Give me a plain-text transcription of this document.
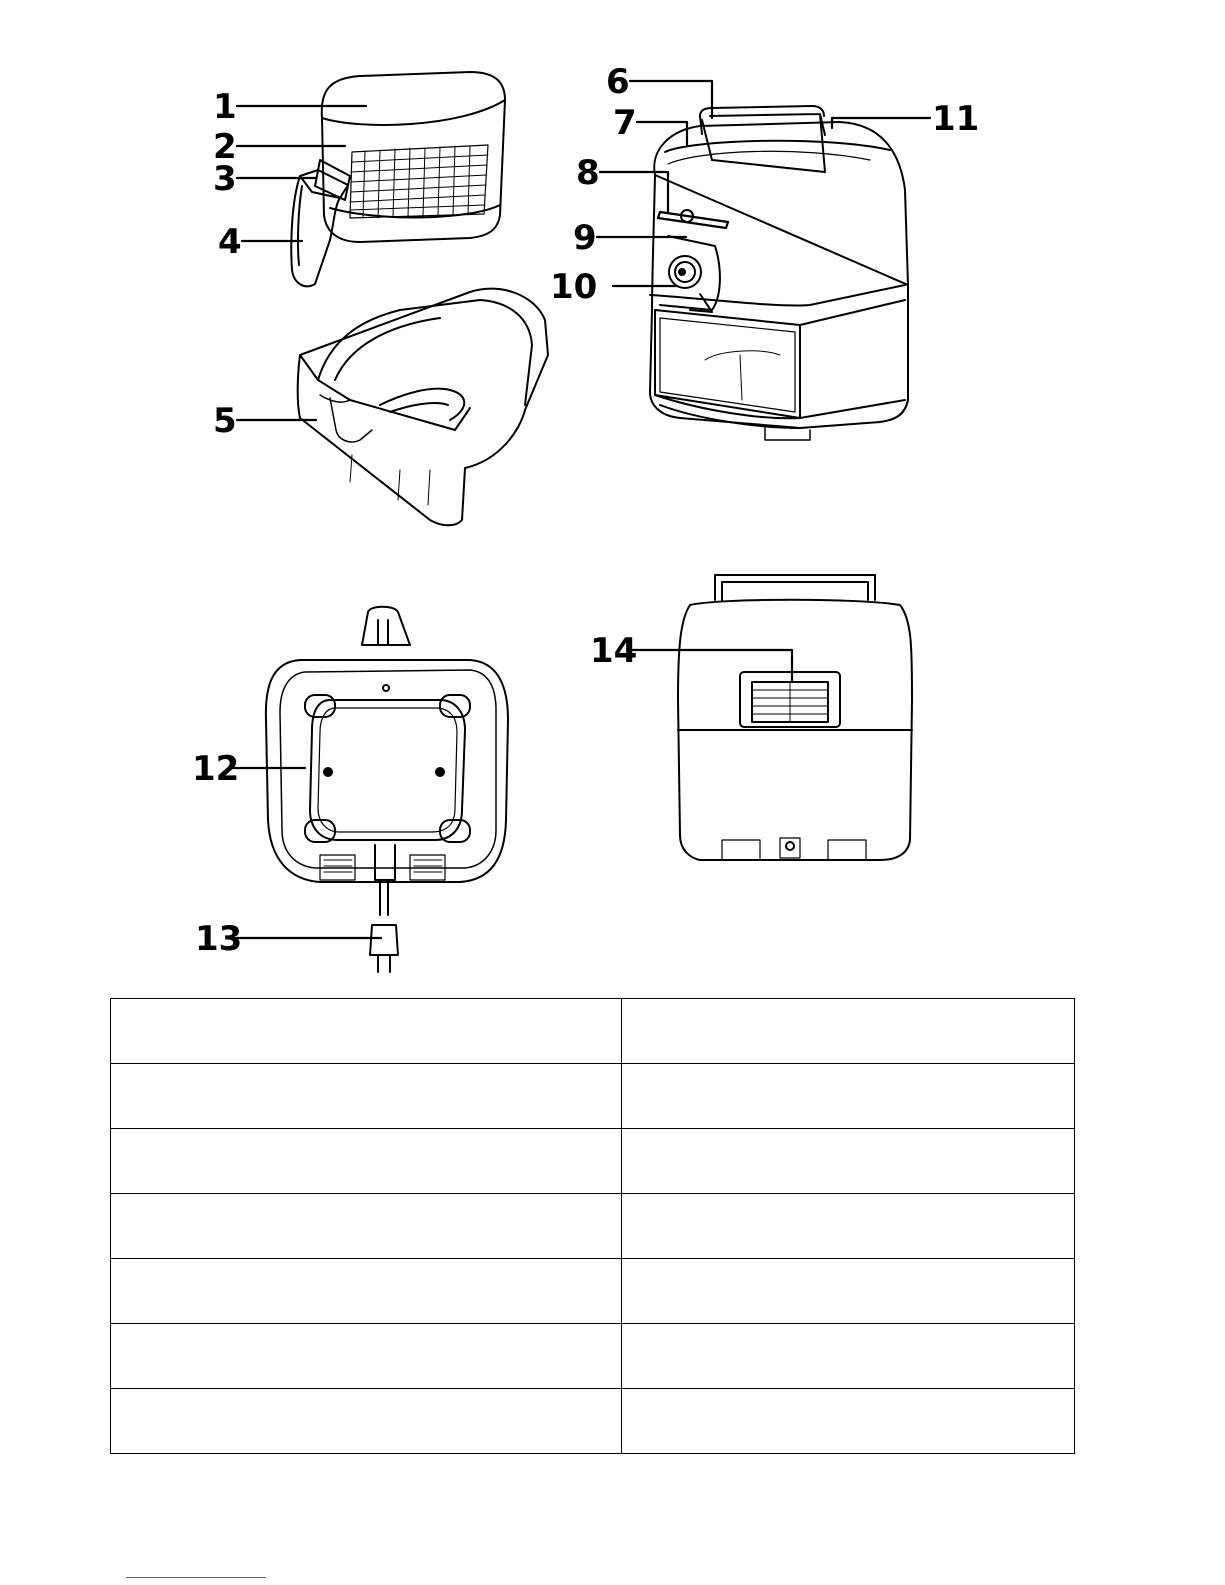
1
2
3
4
5
6
7
8
9
10
11
12
13
14
